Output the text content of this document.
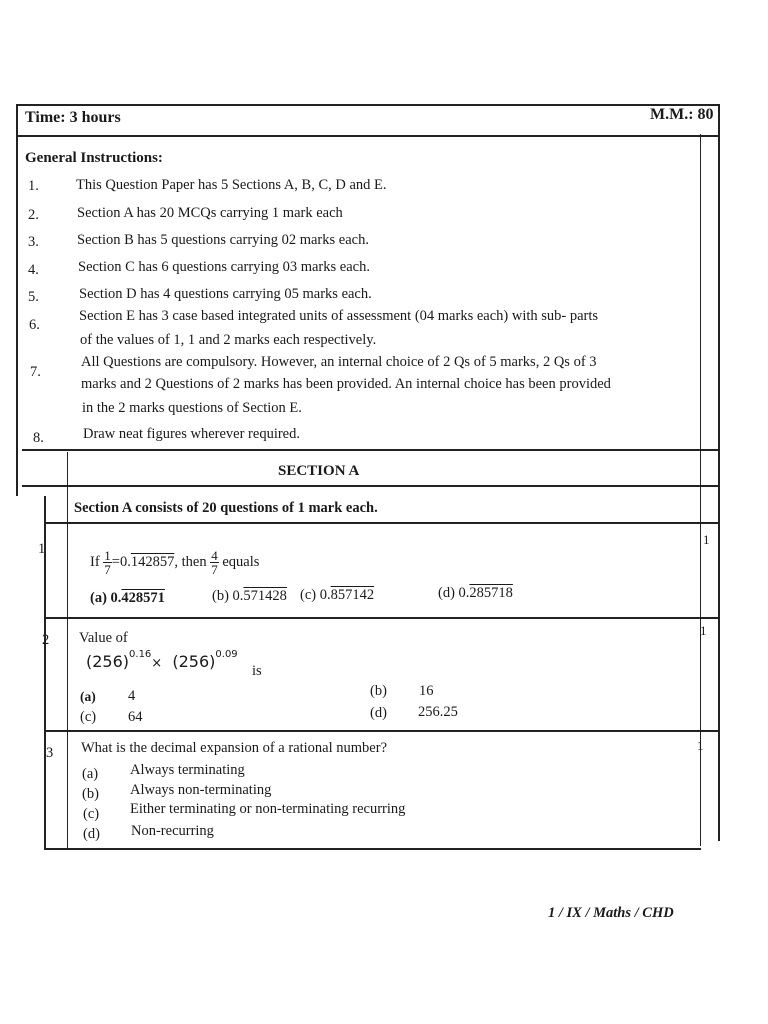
Time: 3 hours	M.M.: 80
General Instructions:
1.	This Question Paper has 5 Sections A, B, C, D and E.
2.	Section A has 20 MCQs carrying 1 mark each
3.	Section B has 5 questions carrying 02 marks each.
4.	Section C has 6 questions carrying 03 marks each.
5.	Section D has 4 questions carrying 05 marks each.
6.
Section E has 3 case based integrated units of assessment (04 marks each) with sub- parts
of the values of 1, 1 and 2 marks each respectively.
7.
All Questions are compulsory. However, an internal choice of 2 Qs of 5 marks, 2 Qs of 3
marks and 2 Questions of 2 marks has been provided. An internal choice has been provided
in the 2 marks questions of Section E.
8.	Draw neat figures wherever required.
SECTION A
Section A consists of 20 questions of 1 mark each.
1
1
If $\frac{1}{7} =0.142857$, then $\frac{4}{7}$ equals
(a) 0.428571	(b) 0.571428 (c) 0.857142	(d) 0.285718
2
1
Value of
$(256)^{0.16}\times (256)^{0.09}$
is
(a) 4	(b) 16
(c) 64	(d) 256.25
3	1
What is the decimal expansion of a rational number?
(a) Always terminating
(b) Always non-terminating
(c) Either terminating or non-terminating recurring
(d) Non-recurring
1 / IX / Maths / CHD
